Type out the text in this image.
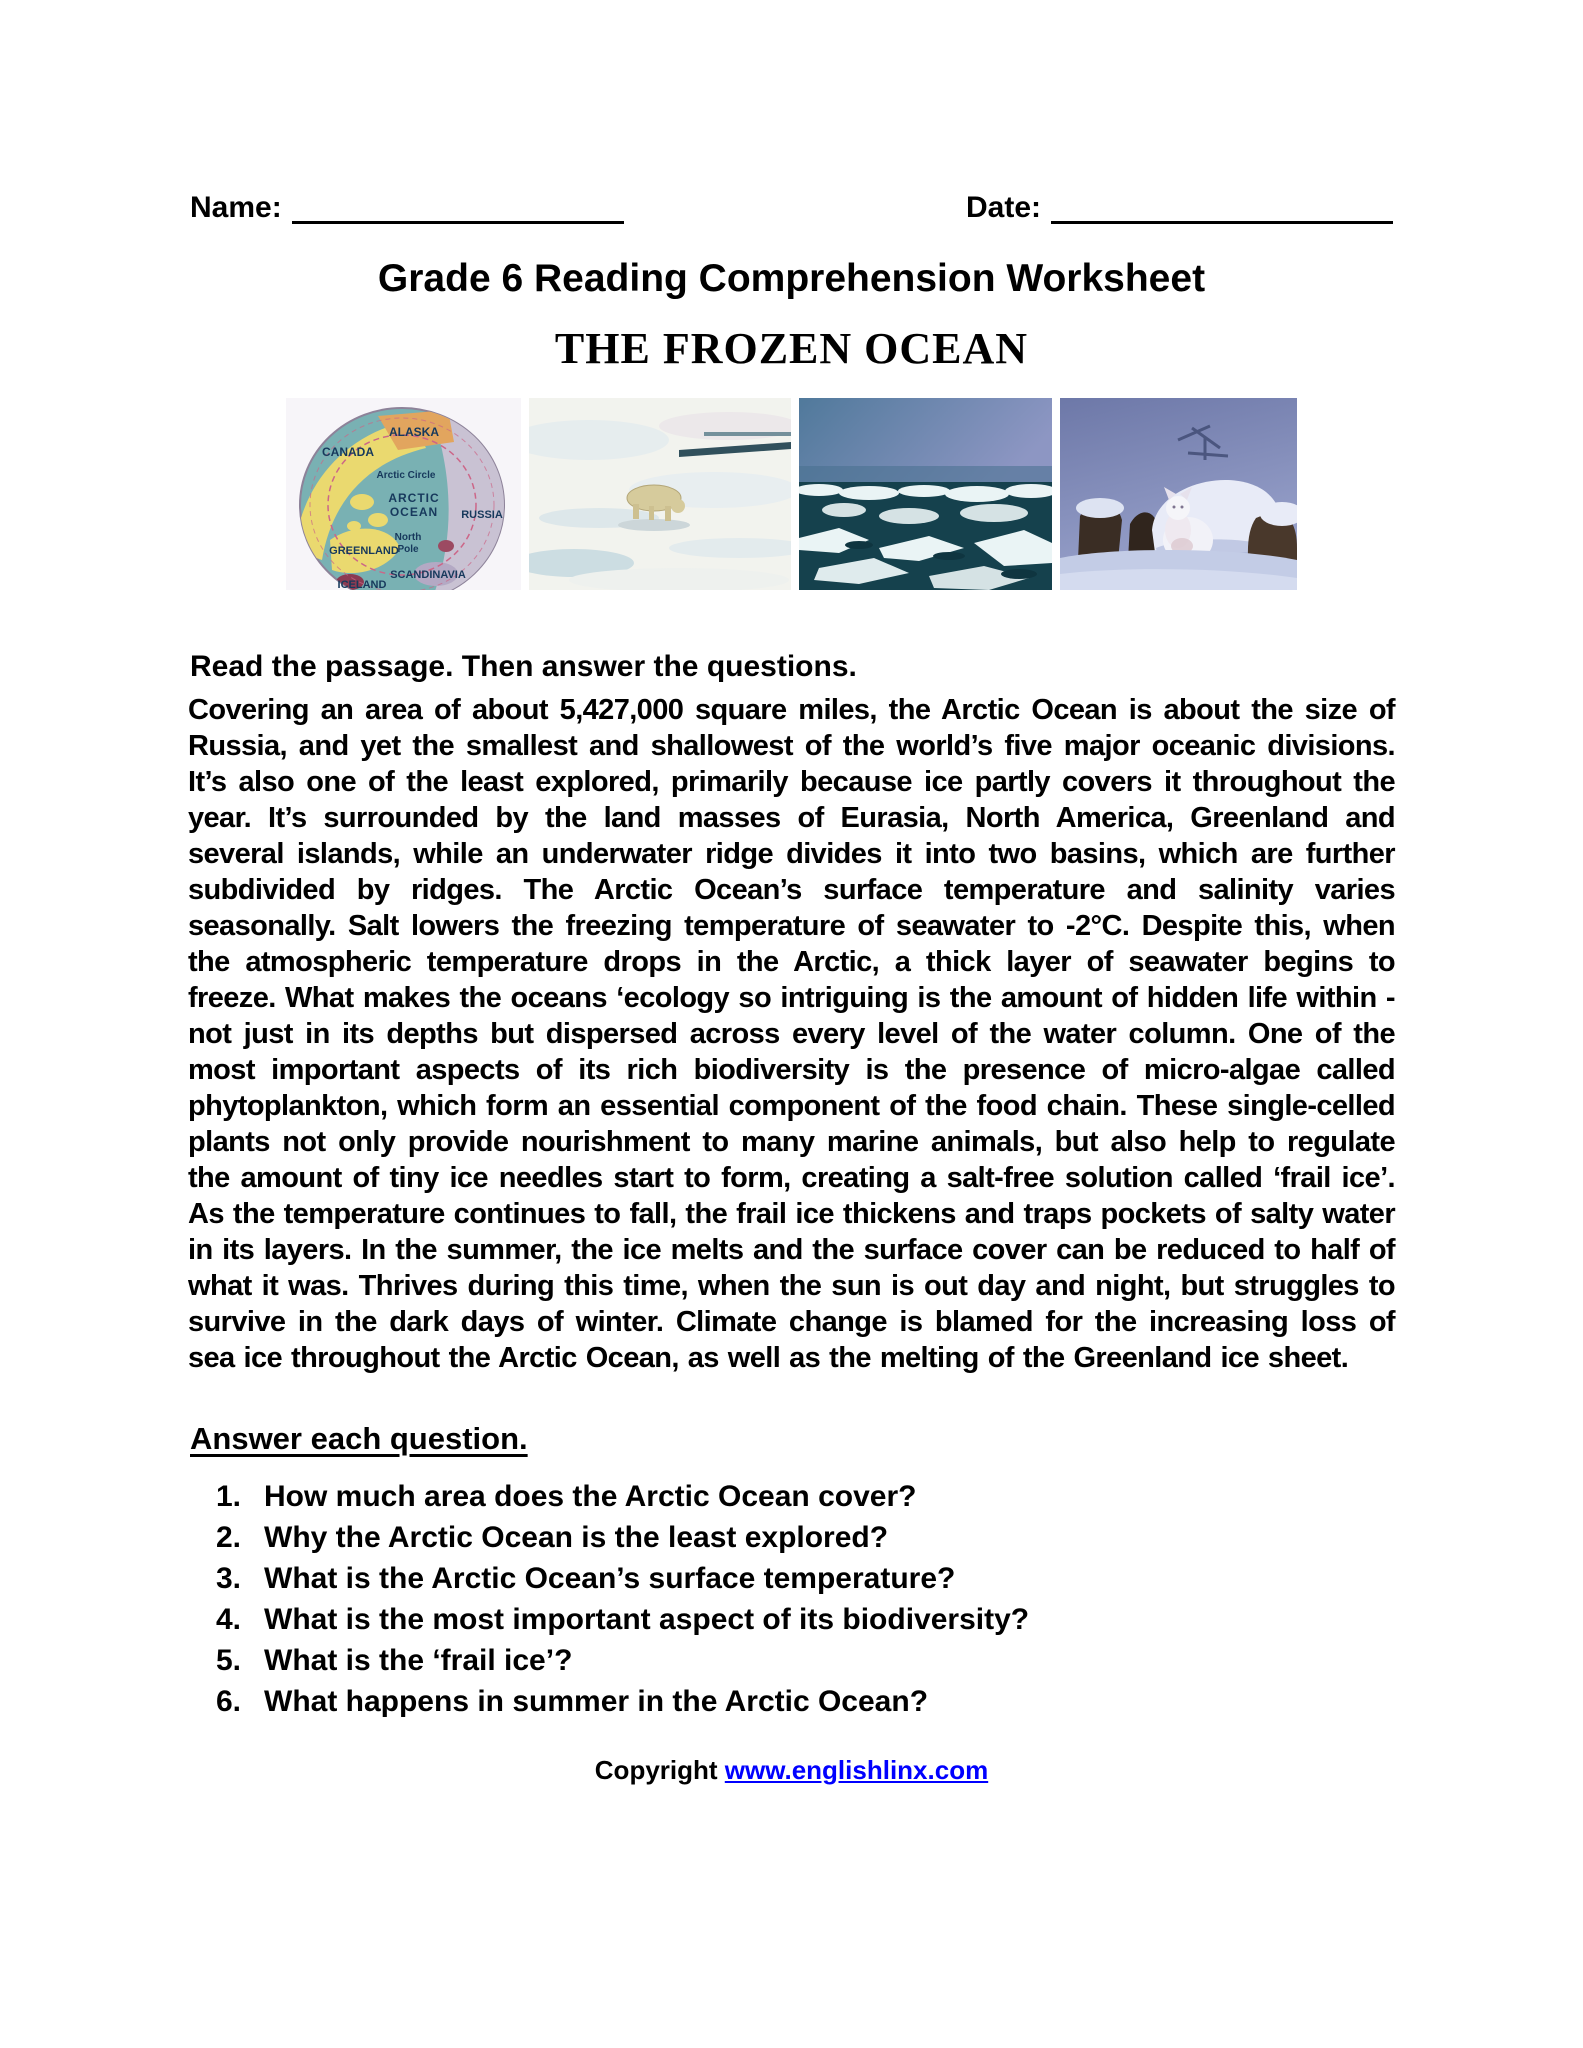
Name:	Date:
Grade 6 Reading Comprehension Worksheet
THE FROZEN OCEAN
ALASKA
CANADA
Arctic Circle
ARCTIC
OCEAN
North
Pole
RUSSIA
GREENLAND
SCANDINAVIA
ICELAND
Read the passage. Then answer the questions.
Covering an area of about 5,427,000 square miles, the Arctic Ocean is about the size of Russia, and yet the smallest and shallowest of the world’s five major oceanic divisions. It’s also one of the least explored, primarily because ice partly covers it throughout the year. It’s surrounded by the land masses of Eurasia, North America, Greenland and several islands, while an underwater ridge divides it into two basins, which are further subdivided by ridges. The Arctic Ocean’s surface temperature and salinity varies seasonally. Salt lowers the freezing temperature of seawater to -2°C. Despite this, when the atmospheric temperature drops in the Arctic, a thick layer of seawater begins to freeze. What makes the oceans ‘ecology so intriguing is the amount of hidden life within - not just in its depths but dispersed across every level of the water column. One of the most important aspects of its rich biodiversity is the presence of micro-algae called phytoplankton, which form an essential component of the food chain. These single-celled plants not only provide nourishment to many marine animals, but also help to regulate the amount of tiny ice needles start to form, creating a salt-free solution called ‘frail ice’. As the temperature continues to fall, the frail ice thickens and traps pockets of salty water in its layers. In the summer, the ice melts and the surface cover can be reduced to half of what it was. Thrives during this time, when the sun is out day and night, but struggles to survive in the dark days of winter. Climate change is blamed for the increasing loss of sea ice throughout the Arctic Ocean, as well as the melting of the Greenland ice sheet.
Answer each question.
1. How much area does the Arctic Ocean cover?
2. Why the Arctic Ocean is the least explored?
3. What is the Arctic Ocean’s surface temperature?
4. What is the most important aspect of its biodiversity?
5. What is the ‘frail ice’?
6. What happens in summer in the Arctic Ocean?
Copyright www.englishlinx.com
